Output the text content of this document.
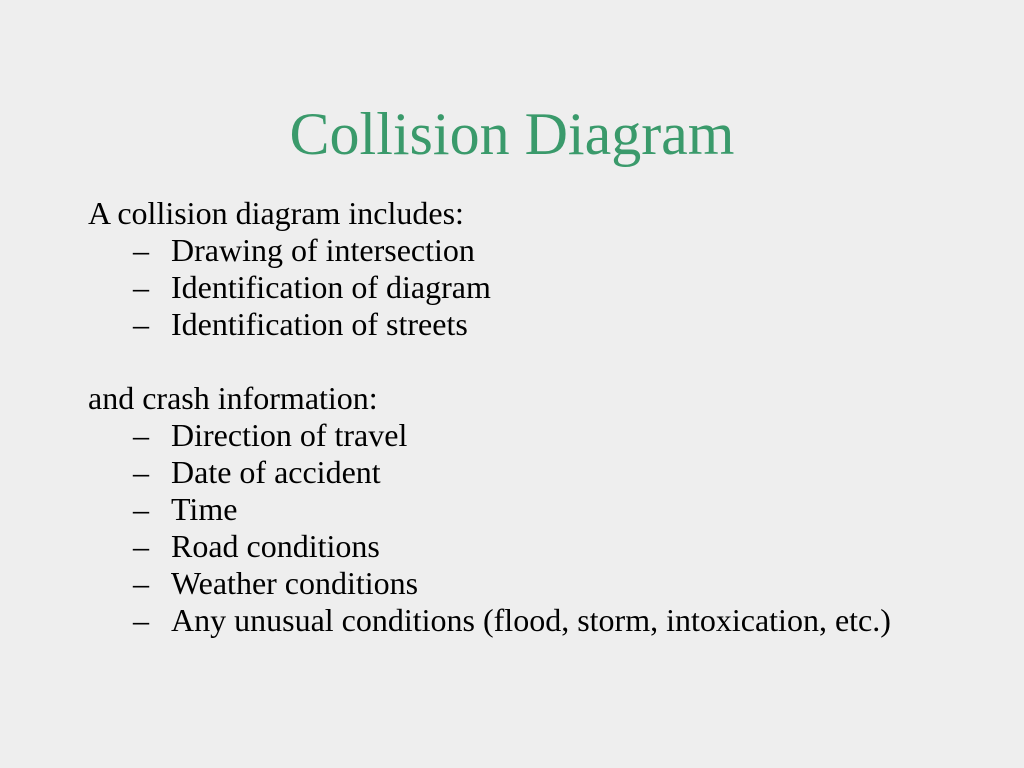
Collision Diagram

A collision diagram includes:

– Drawing of intersection
– Identification of diagram
– Identification of streets

and crash information:

– Direction of travel
– Date of accident
– Time
– Road conditions
– Weather conditions
– Any unusual conditions (flood, storm, intoxication, etc.)
